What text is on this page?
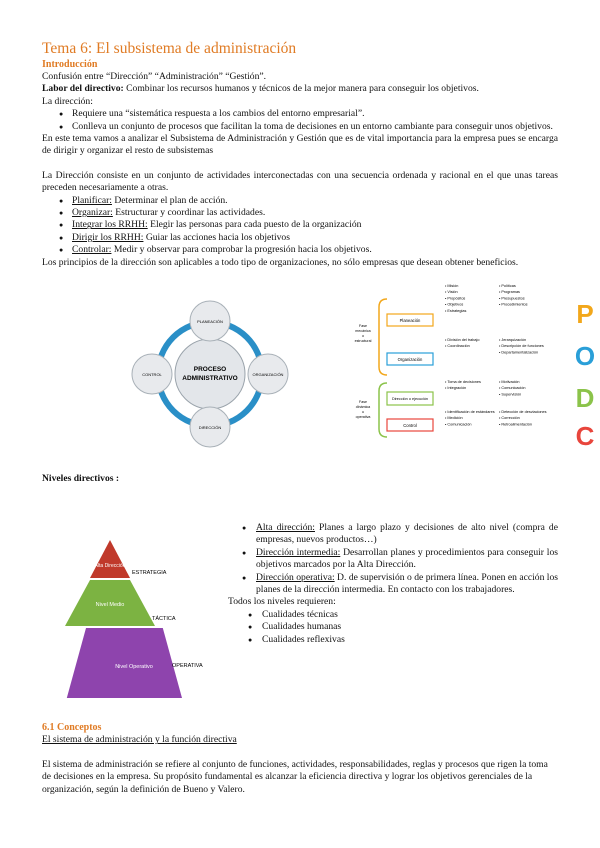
Tema 6: El subsistema de administración
Introducción

Confusión entre “Dirección” “Administración” “Gestión”.

Labor del directivo: Combinar los recursos humanos y técnicos de la mejor manera para conseguir los objetivos.

La dirección:

● Requiere una “sistemática respuesta a los cambios del entorno empresarial”.
● Conlleva un conjunto de procesos que facilitan la toma de decisiones en un entorno cambiante para conseguir unos objetivos.

En este tema vamos a analizar el Subsistema de Administración y Gestión que es de vital importancia para la empresa pues se encarga de dirigir y organizar el resto de subsistemas

La Dirección consiste en un conjunto de actividades interconectadas con una secuencia ordenada y racional en el que unas tareas preceden necesariamente a otras.

● Planificar: Determinar el plan de acción.
● Organizar: Estructurar y coordinar las actividades.
● Integrar los RRHH: Elegir las personas para cada puesto de la organización
● Dirigir los RRHH: Guiar las acciones hacia los objetivos
● Controlar: Medir y observar para comprobar la progresión hacia los objetivos.

Los principios de la dirección son aplicables a todo tipo de organizaciones, no sólo empresas que desean obtener beneficios.

PROCESO
ADMINISTRATIVO
PLANEACIÓN
ORGANIZACIÓN
DIRECCIÓN
CONTROL
Fase
mecánica
o
estructural
Fase
dinámica
u
operativa
Planeación
Organización
Dirección o ejecución
Control
• Misión
• Visión
• Propósitos
• Objetivos
• Estrategias
• División del trabajo
• Coordinación
• Toma de decisiones
• Integración
• Identificación de estándares
• Medición
• Comunicación
• Políticas
• Programas
• Presupuestos
• Procedimientos
• Jerarquización
• Descripción de funciones
• Departamentalización
• Motivación
• Comunicación
• Supervisión
• Detección de desviaciones
• Corrección
• Retroalimentación
P
O
D
C

Niveles directivos :

Alta Dirección
Nivel Medio
Nivel Operativo
ESTRATEGIA
TÁCTICA
OPERATIVA
● Alta dirección: Planes a largo plazo y decisiones de alto nivel (compra de empresas, nuevos productos…)
● Dirección intermedia: Desarrollan planes y procedimientos para conseguir los objetivos marcados por la Alta Dirección.
● Dirección operativa: D. de supervisión o de primera línea. Ponen en acción los planes de la dirección intermedia. En contacto con los trabajadores.

Todos los niveles requieren:

● Cualidades técnicas
● Cualidades humanas
● Cualidades reflexivas

6.1 Conceptos

El sistema de administración y la función directiva

El sistema de administración se refiere al conjunto de funciones, actividades, responsabilidades, reglas y procesos que rigen la toma de decisiones en la empresa. Su propósito fundamental es alcanzar la eficiencia directiva y lograr los objetivos gerenciales de la organización, según la definición de Bueno y Valero.
